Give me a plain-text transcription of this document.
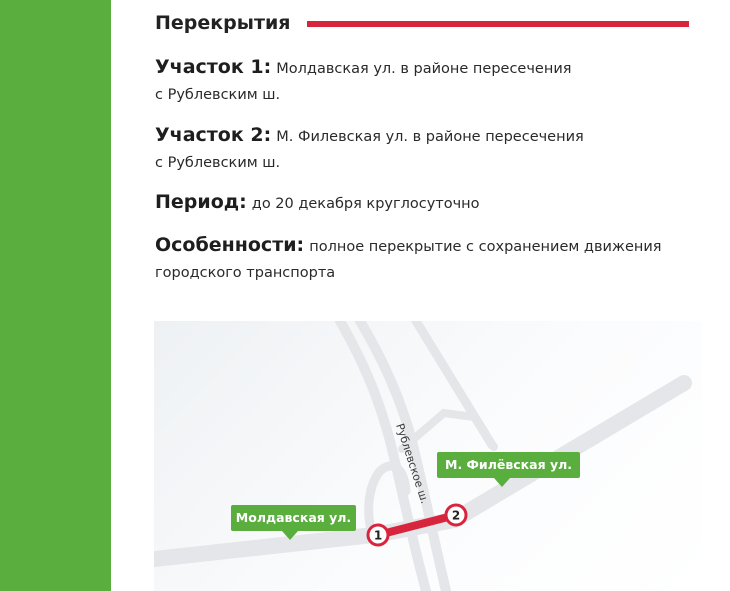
Перекрытия
Участок 1: Молдавская ул. в районе пересечения
с Рублевским ш.
Участок 2: М. Филевская ул. в районе пересечения
с Рублевским ш.
Период: до 20 декабря круглосуточно
Особенности: полное перекрытие с сохранением движения
городского транспорта
1
2
Рублевское ш.
Молдавская ул.
М. Филёвская ул.
